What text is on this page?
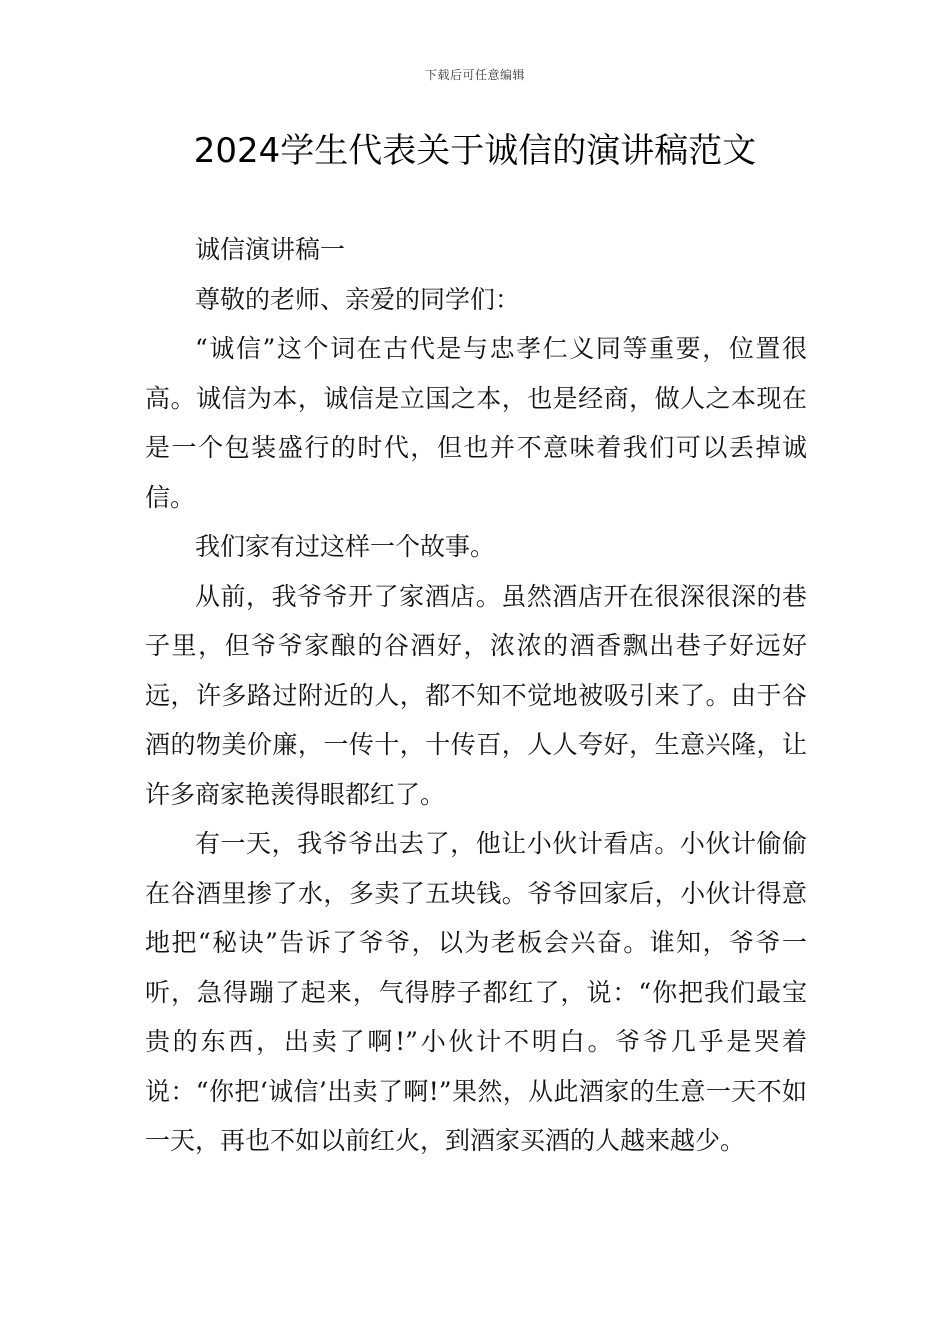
下载后可任意编辑
2024学生代表关于诚信的演讲稿范文

诚信演讲稿一

尊敬的老师、亲爱的同学们：

“诚信”这个词在古代是与忠孝仁义同等重要，位置很高。诚信为本，诚信是立国之本，也是经商，做人之本现在是一个包装盛行的时代，但也并不意味着我们可以丢掉诚信。

我们家有过这样一个故事。

从前，我爷爷开了家酒店。虽然酒店开在很深很深的巷子里，但爷爷家酿的谷酒好，浓浓的酒香飘出巷子好远好远，许多路过附近的人，都不知不觉地被吸引来了。由于谷酒的物美价廉，一传十，十传百，人人夸好，生意兴隆，让许多商家艳羡得眼都红了。

有一天，我爷爷出去了，他让小伙计看店。小伙计偷偷在谷酒里掺了水，多卖了五块钱。爷爷回家后，小伙计得意地把“秘诀”告诉了爷爷，以为老板会兴奋。谁知，爷爷一听，急得蹦了起来，气得脖子都红了，说：“你把我们最宝贵的东西，出卖了啊!”小伙计不明白。爷爷几乎是哭着说：“你把‘诚信’出卖了啊!”果然，从此酒家的生意一天不如一天，再也不如以前红火，到酒家买酒的人越来越少。
